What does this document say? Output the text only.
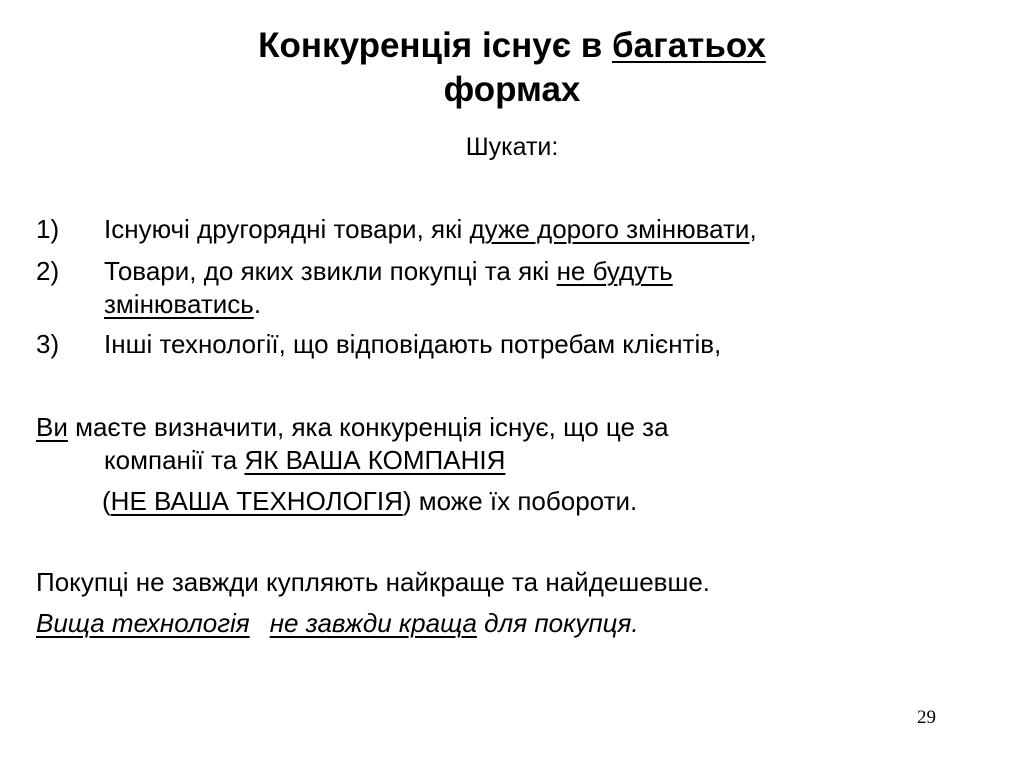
Конкуренція існує в багатьох
формах
Шукати:
1) Існуючі другорядні товари, які дуже дорого змінювати,
2) Товари, до яких звикли покупці та які не будуть
змінюватись.
3) Інші технології, що відповідають потребам клієнтів,
Ви маєте визначити, яка конкуренція існує, що це за
компанії та ЯК ВАША КОМПАНІЯ
(НЕ ВАША ТЕХНОЛОГІЯ) може їх побороти.
Покупці не завжди купляють найкраще та найдешевше.
Вища технологія не завжди краща для покупця.
29
